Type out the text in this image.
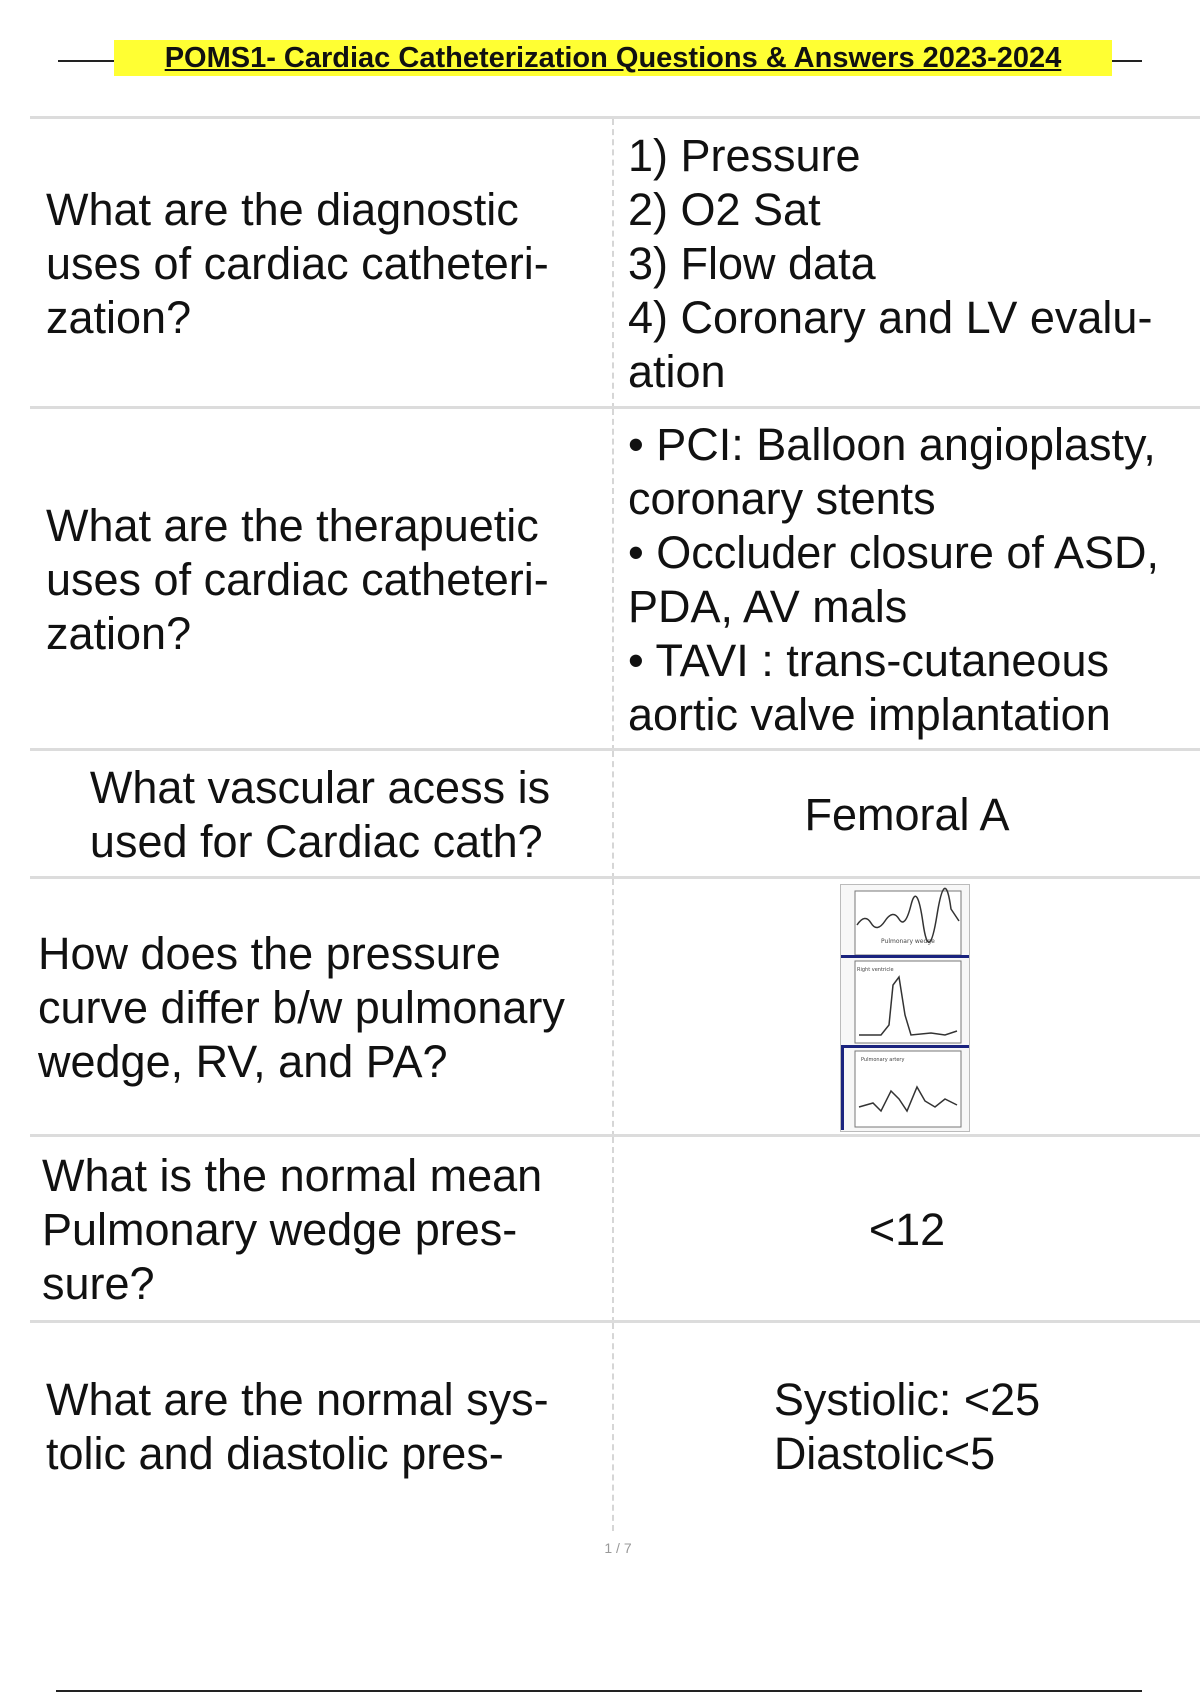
POMS1- Cardiac Catheterization Questions & Answers 2023-2024
What are the diagnostic
uses of cardiac catheteri-
zation?
1) Pressure
2) O2 Sat
3) Flow data
4) Coronary and LV evalu-
ation
What are the therapuetic
uses of cardiac catheteri-
zation?
• PCI: Balloon angioplasty,
coronary stents
• Occluder closure of ASD,
PDA, AV mals
• TAVI : trans-cutaneous
aortic valve implantation
What vascular acess is
used for Cardiac cath?
Femoral A
How does the pressure
curve differ b/w pulmonary
wedge, RV, and PA?
Pulmonary wedge
Right ventricle
Pulmonary artery
What is the normal mean
Pulmonary wedge pres-
sure?
<12
What are the normal sys-
tolic and diastolic pres-
Systiolic: <25
Diastolic<5
1 / 7
